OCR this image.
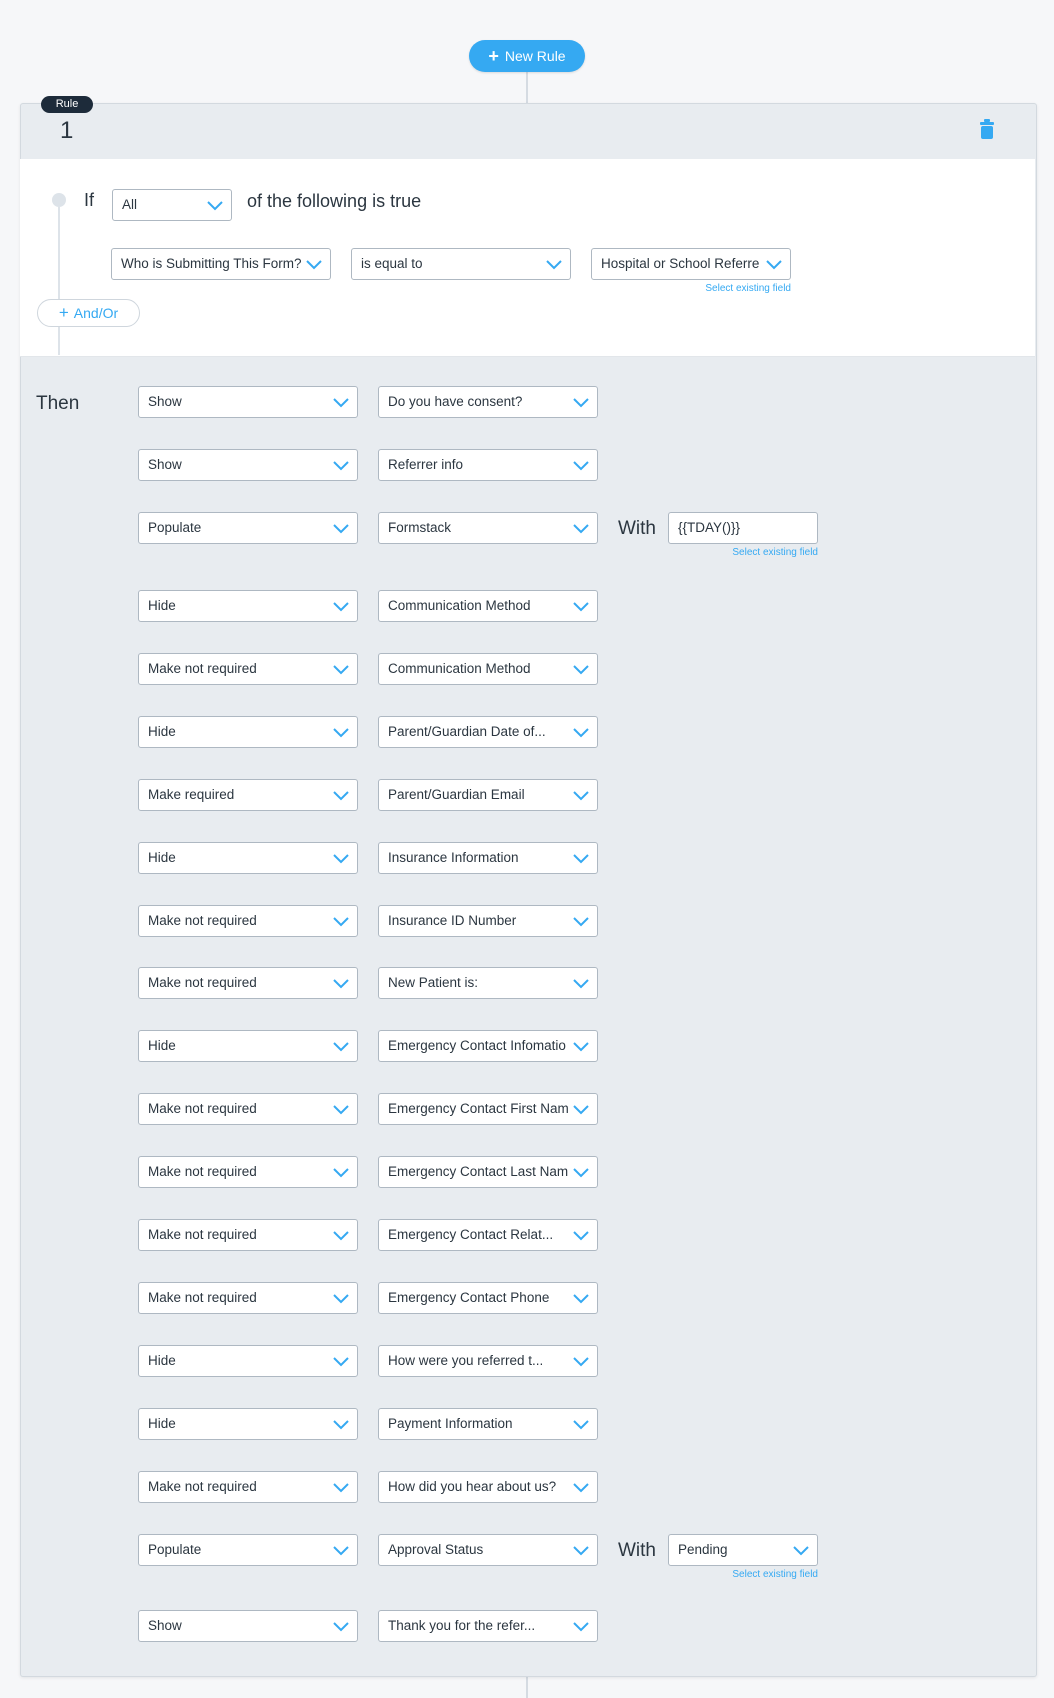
+ New Rule
Rule
1
If	All	of the following is true
Who is Submitting This Form?	is equal to	Hospital or School Referre
Select existing field
+ And/Or
Then	Show	Do you have consent?
Show	Referrer info
Populate	Formstack	With	{{TDAY()}}
Select existing field
Hide	Communication Method
Make not required	Communication Method
Hide	Parent/Guardian Date of...
Make required	Parent/Guardian Email
Hide	Insurance Information
Make not required	Insurance ID Number
Make not required	New Patient is:
Hide	Emergency Contact Infomatio
Make not required	Emergency Contact First Nam
Make not required	Emergency Contact Last Nam
Make not required	Emergency Contact Relat...
Make not required	Emergency Contact Phone
Hide	How were you referred t...
Hide	Payment Information
Make not required	How did you hear about us?
Populate	Approval Status	With	Pending
Select existing field
Show	Thank you for the refer...
